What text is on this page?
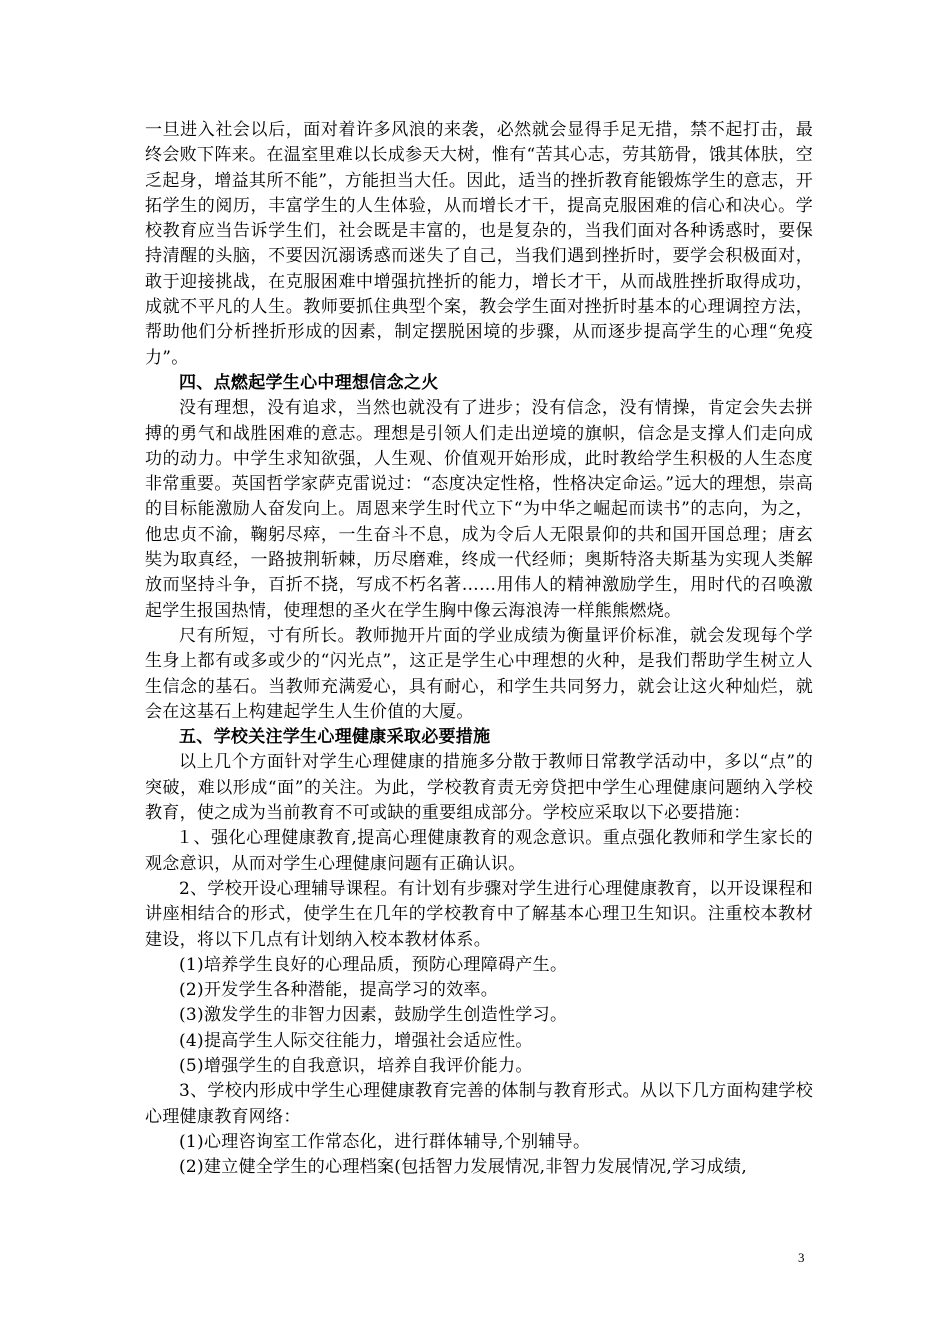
一旦进入社会以后，面对着许多风浪的来袭，必然就会显得手足无措，禁不起打击，最终会败下阵来。在温室里难以长成参天大树，惟有“苦其心志，劳其筋骨，饿其体肤，空乏起身，增益其所不能”，方能担当大任。因此，适当的挫折教育能锻炼学生的意志，开拓学生的阅历，丰富学生的人生体验，从而增长才干，提高克服困难的信心和决心。学校教育应当告诉学生们，社会既是丰富的，也是复杂的，当我们面对各种诱惑时，要保持清醒的头脑，不要因沉溺诱惑而迷失了自己，当我们遇到挫折时，要学会积极面对，敢于迎接挑战，在克服困难中增强抗挫折的能力，增长才干，从而战胜挫折取得成功，成就不平凡的人生。教师要抓住典型个案，教会学生面对挫折时基本的心理调控方法，帮助他们分析挫折形成的因素，制定摆脱困境的步骤，从而逐步提高学生的心理“免疫力”。

四、点燃起学生心中理想信念之火

没有理想，没有追求，当然也就没有了进步；没有信念，没有情操，肯定会失去拼搏的勇气和战胜困难的意志。理想是引领人们走出逆境的旗帜，信念是支撑人们走向成功的动力。中学生求知欲强，人生观、价值观开始形成，此时教给学生积极的人生态度非常重要。英国哲学家萨克雷说过：“态度决定性格，性格决定命运。”远大的理想，崇高的目标能激励人奋发向上。周恩来学生时代立下“为中华之崛起而读书”的志向，为之，他忠贞不渝，鞠躬尽瘁，一生奋斗不息，成为令后人无限景仰的共和国开国总理；唐玄奘为取真经，一路披荆斩棘，历尽磨难，终成一代经师；奥斯特洛夫斯基为实现人类解放而坚持斗争，百折不挠，写成不朽名著……用伟人的精神激励学生，用时代的召唤激起学生报国热情，使理想的圣火在学生胸中像云海浪涛一样熊熊燃烧。

尺有所短，寸有所长。教师抛开片面的学业成绩为衡量评价标准，就会发现每个学生身上都有或多或少的“闪光点”，这正是学生心中理想的火种，是我们帮助学生树立人生信念的基石。当教师充满爱心，具有耐心，和学生共同努力，就会让这火种灿烂，就会在这基石上构建起学生人生价值的大厦。

五、学校关注学生心理健康采取必要措施

以上几个方面针对学生心理健康的措施多分散于教师日常教学活动中，多以“点”的突破，难以形成“面”的关注。为此，学校教育责无旁贷把中学生心理健康问题纳入学校教育，使之成为当前教育不可或缺的重要组成部分。学校应采取以下必要措施：

１、强化心理健康教育,提高心理健康教育的观念意识。重点强化教师和学生家长的观念意识，从而对学生心理健康问题有正确认识。

2、学校开设心理辅导课程。有计划有步骤对学生进行心理健康教育，以开设课程和讲座相结合的形式，使学生在几年的学校教育中了解基本心理卫生知识。注重校本教材建设，将以下几点有计划纳入校本教材体系。

(1)培养学生良好的心理品质，预防心理障碍产生。

(2)开发学生各种潜能，提高学习的效率。

(3)激发学生的非智力因素，鼓励学生创造性学习。

(4)提高学生人际交往能力，增强社会适应性。

(5)增强学生的自我意识，培养自我评价能力。

3、学校内形成中学生心理健康教育完善的体制与教育形式。从以下几方面构建学校心理健康教育网络：

(1)心理咨询室工作常态化，进行群体辅导,个别辅导。

(2)建立健全学生的心理档案(包括智力发展情况,非智力发展情况,学习成绩,

3
